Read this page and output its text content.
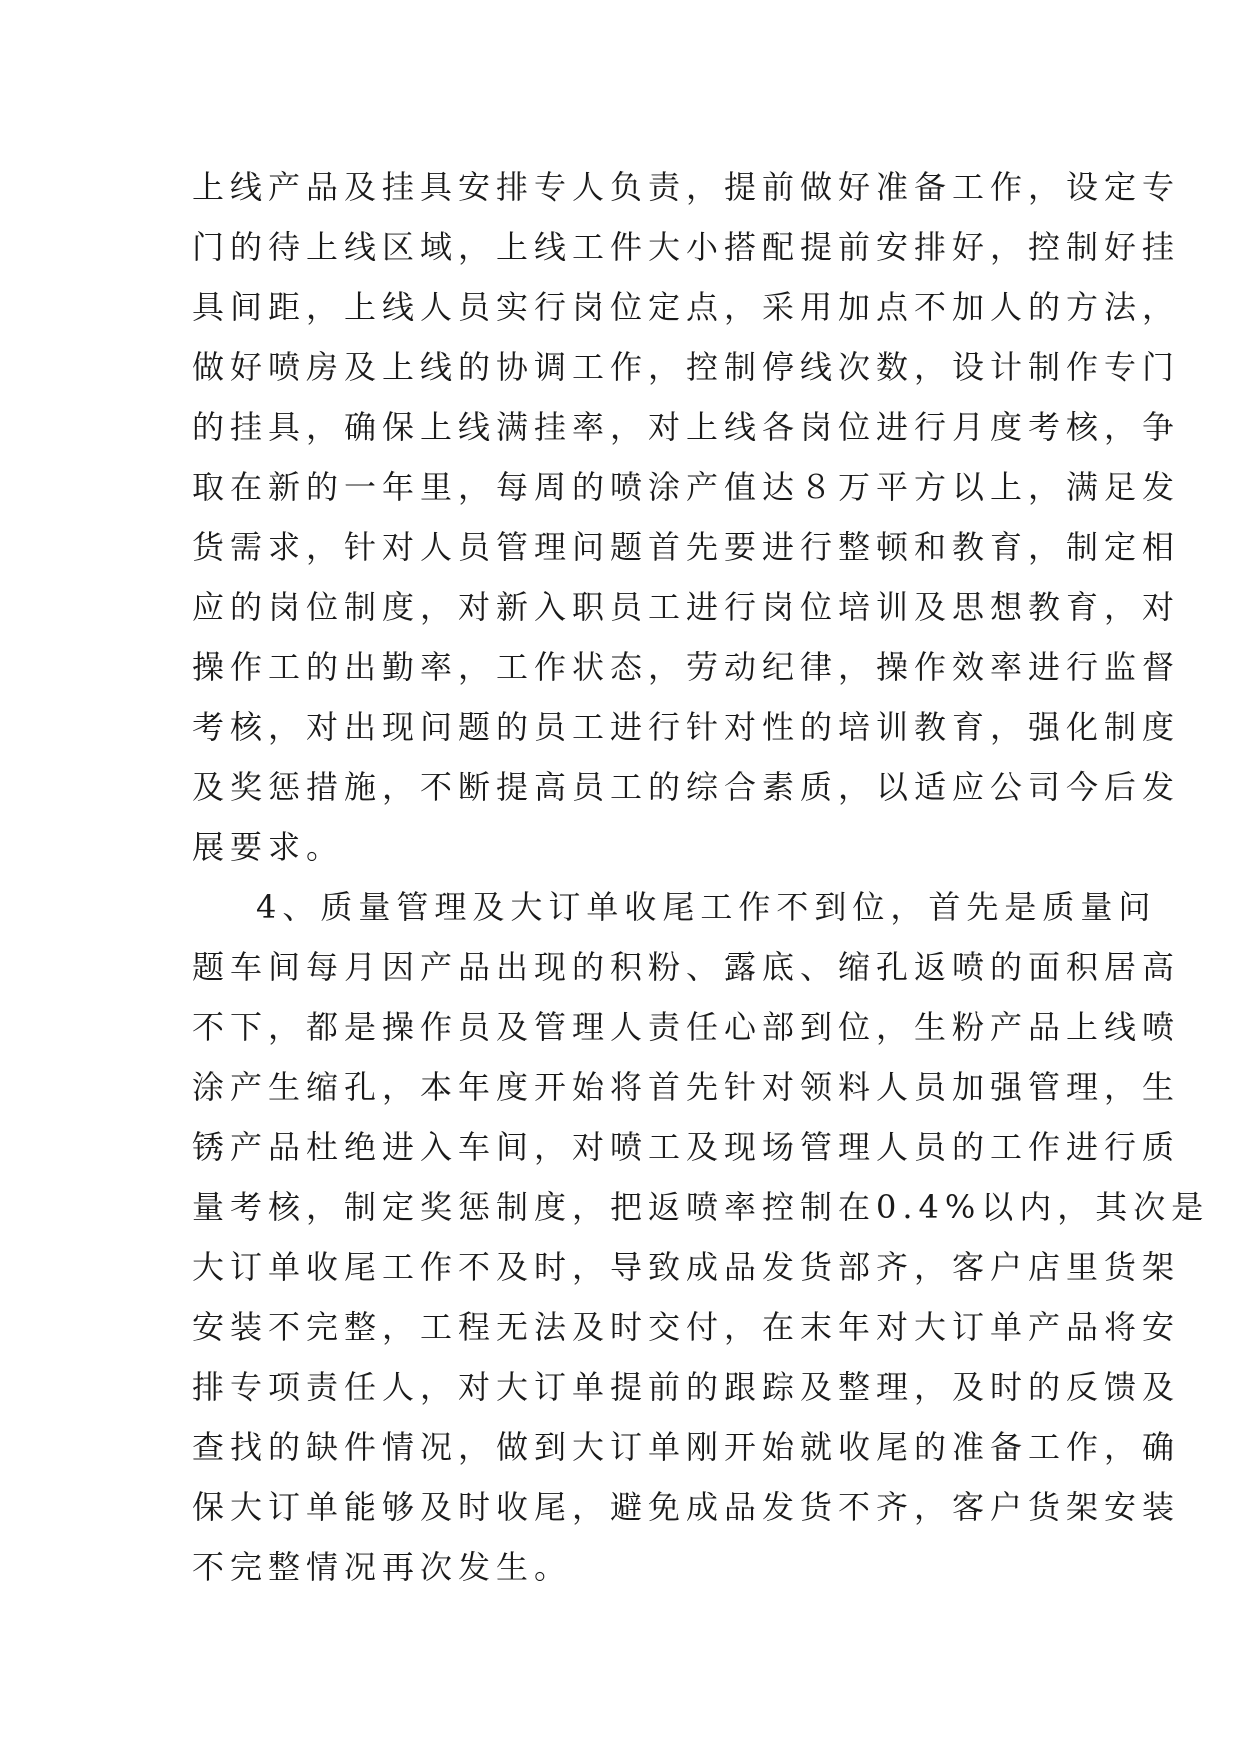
上线产品及挂具安排专人负责，提前做好准备工作，设定专
门的待上线区域，上线工件大小搭配提前安排好，控制好挂
具间距，上线人员实行岗位定点，采用加点不加人的方法，
做好喷房及上线的协调工作，控制停线次数，设计制作专门
的挂具，确保上线满挂率，对上线各岗位进行月度考核，争
取在新的一年里，每周的喷涂产值达８万平方以上，满足发
货需求，针对人员管理问题首先要进行整顿和教育，制定相
应的岗位制度，对新入职员工进行岗位培训及思想教育，对
操作工的出勤率，工作状态，劳动纪律，操作效率进行监督
考核，对出现问题的员工进行针对性的培训教育，强化制度
及奖惩措施，不断提高员工的综合素质，以适应公司今后发
展要求。
4、质量管理及大订单收尾工作不到位，首先是质量问
题车间每月因产品出现的积粉、露底、缩孔返喷的面积居高
不下，都是操作员及管理人责任心部到位，生粉产品上线喷
涂产生缩孔，本年度开始将首先针对领料人员加强管理，生
锈产品杜绝进入车间，对喷工及现场管理人员的工作进行质
量考核，制定奖惩制度，把返喷率控制在0.4%以内，其次是
大订单收尾工作不及时，导致成品发货部齐，客户店里货架
安装不完整，工程无法及时交付，在末年对大订单产品将安
排专项责任人，对大订单提前的跟踪及整理，及时的反馈及
查找的缺件情况，做到大订单刚开始就收尾的准备工作，确
保大订单能够及时收尾，避免成品发货不齐，客户货架安装
不完整情况再次发生。
